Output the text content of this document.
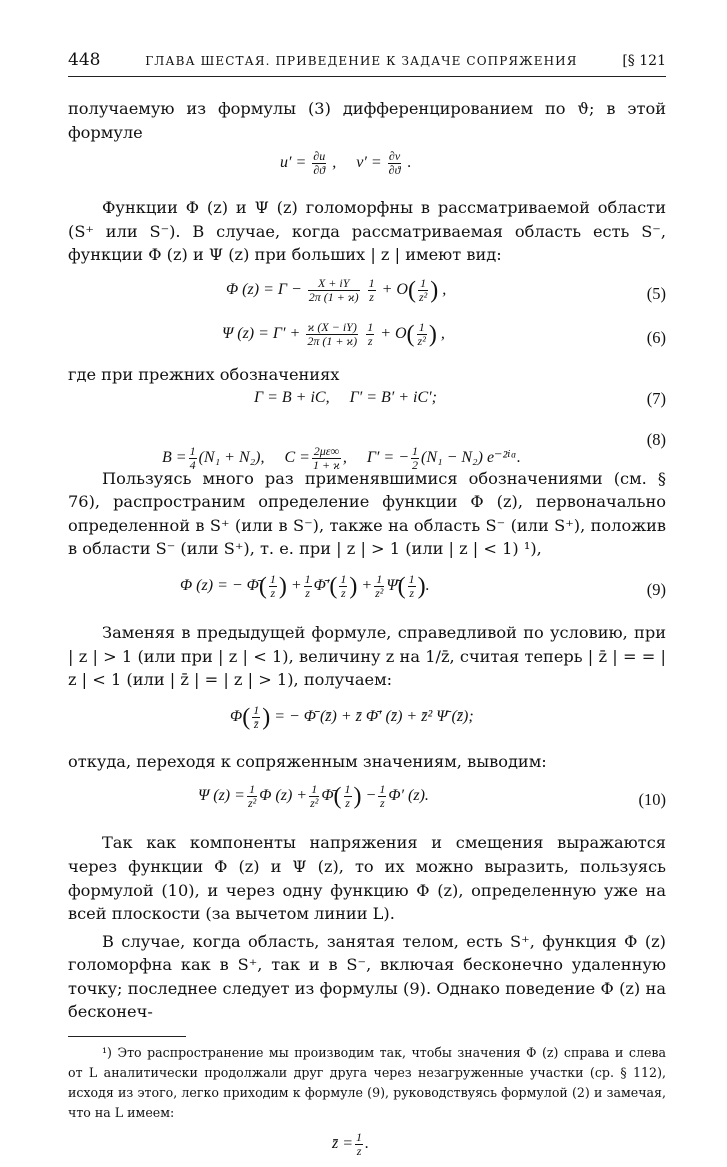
448	ГЛАВА ШЕСТАЯ. ПРИВЕДЕНИЕ К ЗАДАЧЕ СОПРЯЖЕНИЯ	[§ 121
получаемую из формулы (3) дифференцированием по ϑ; в этой формуле
$u' = \frac{\partial u}{\partial ϑ}$ ,     $v' = \frac{\partial v}{\partial ϑ}$ .
Функции Φ (z) и Ψ (z) голоморфны в рассматриваемой области (S⁺ или S⁻). В случае, когда рассматриваемая область есть S⁻, функции Φ (z) и Ψ (z) при больших | z | имеют вид:
Φ $(z) = \Gamma - \frac{X + iY}{2\pi (1 + ϰ)}$
$\frac{1}{z} + O( \frac{1}{\text{z²}}$ ) ,	(5)
Ψ $(z) = \Gamma' + \frac{ϰ (X - iY)}{2\pi (1 + ϰ)}$
$\frac{1}{z} + O( \frac{1}{\text{z²}}$ ) ,	(6)
где при прежних обозначениях
Γ = B + iC,     Γ′ = B′ + iC′;	(7)

$B = \frac{1}{4} (N_1 + N_2)$,     $C = \frac{2\mu\varepsilon\infty}{1 + ϰ}$ ,     Γ′ = − $\frac{1}{2} (N_1 - N_2)$ e⁻²ⁱᵅ.

(8)
Пользуясь много раз применявшимися обозначениями (см. § 76), распространим определение функции Φ (z), первоначально определенной в S⁺ (или в S⁻), также на область S⁻ (или S⁺), положив в области S⁻ (или S⁺), т. е. при | z | > 1 (или | z | < 1) ¹),
Φ (z) = − Φ̄( $\frac{1}{z}$ ) + $\frac{1}{z}$ Φ̄′( $\frac{1}{z}$ ) + $\frac{1}{\text{z²}}$ Ψ̄( $\frac{1}{z}$ ).	(9)
Заменяя в предыдущей формуле, справедливой по условию, при | z | > 1 (или при | z | < 1), величину z на 1/z̄, считая теперь | z̄ | = = | z | < 1 (или | z̄ | = | z | > 1), получаем:
$\Phi( \frac{1}{z̄}$ ) = − Φ̄ (z̄) + z̄ Φ̄′ (z̄) + z̄² Ψ̄ (z̄);
откуда, переходя к сопряженным значениям, выводим:
Ψ $(z) = \frac{1}{\text{z²}}$ Φ $(z) + \frac{1}{\text{z²}}$ Φ̄( $\frac{1}{z}$ ) − $\frac{1}{z} \Phi'$ (z).	(10)
Так как компоненты напряжения и смещения выражаются через функции Φ (z) и Ψ (z), то их можно выразить, пользуясь формулой (10), и через одну функцию Φ (z), определенную уже на всей плоскости (за вычетом линии L).
В случае, когда область, занятая телом, есть S⁺, функция Φ (z) голоморфна как в S⁺, так и в S⁻, включая бесконечно удаленную точку; последнее следует из формулы (9). Однако поведение Φ (z) на бесконеч-
¹) Это распространение мы производим так, чтобы значения Φ (z) справа и слева от L аналитически продолжали друг друга через незагруженные участки (ср. § 112), исходя из этого, легко приходим к формуле (9), руководствуясь формулой (2) и замечая, что на L имеем:
z̄ = $\frac{1}{z}$ .
